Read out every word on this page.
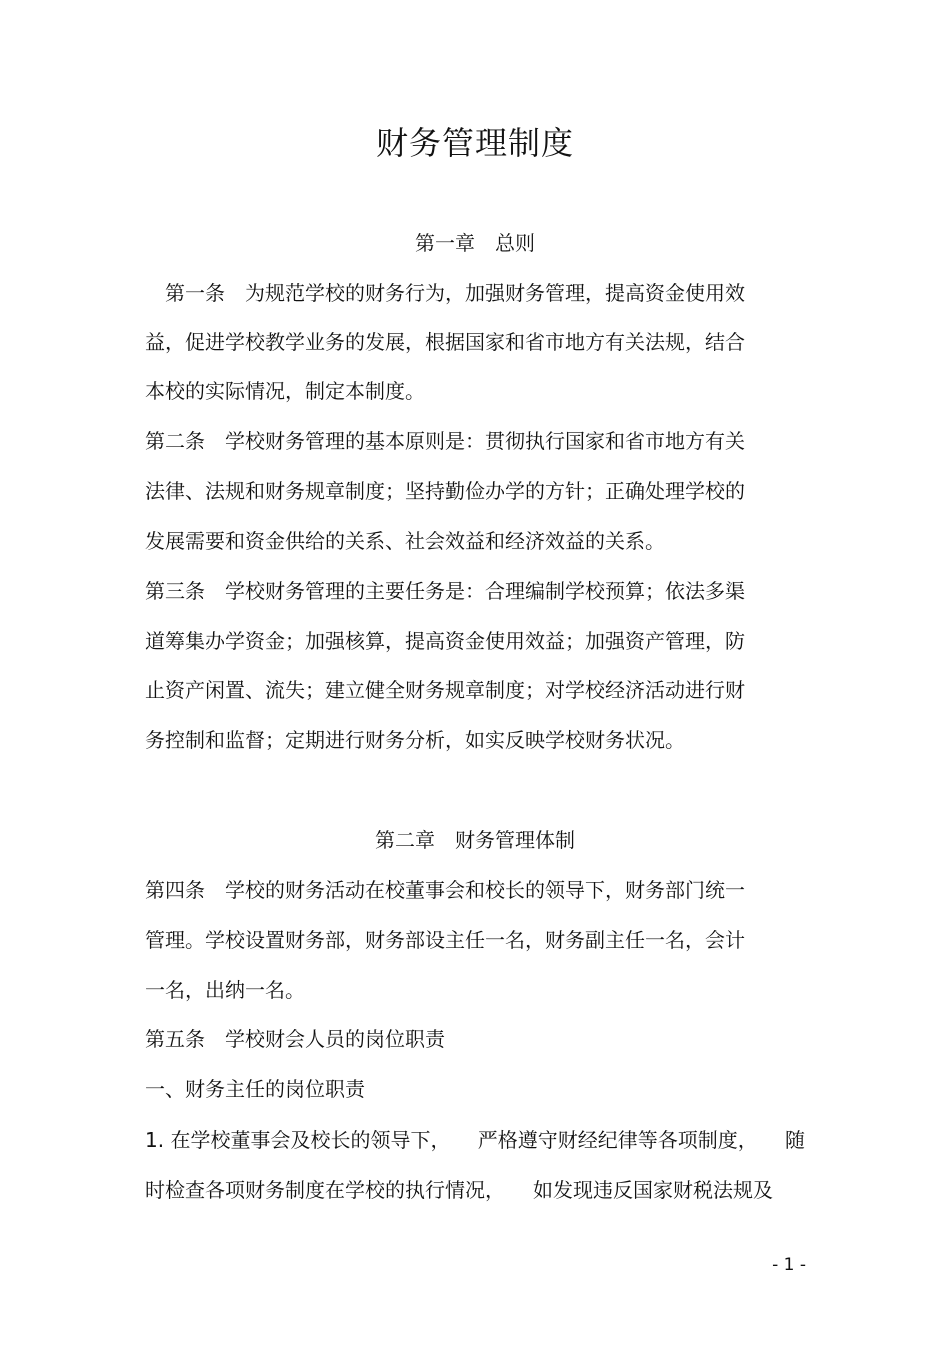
财务管理制度
第一章　总则
第一条　为规范学校的财务行为，加强财务管理，提高资金使用效
益，促进学校教学业务的发展，根据国家和省市地方有关法规，结合
本校的实际情况，制定本制度。
第二条　学校财务管理的基本原则是：贯彻执行国家和省市地方有关
法律、法规和财务规章制度；坚持勤俭办学的方针；正确处理学校的
发展需要和资金供给的关系、社会效益和经济效益的关系。
第三条　学校财务管理的主要任务是：合理编制学校预算；依法多渠
道筹集办学资金；加强核算，提高资金使用效益；加强资产管理，防
止资产闲置、流失；建立健全财务规章制度；对学校经济活动进行财
务控制和监督；定期进行财务分析，如实反映学校财务状况。
第二章　财务管理体制
第四条　学校的财务活动在校董事会和校长的领导下，财务部门统一
管理。学校设置财务部，财务部设主任一名，财务副主任一名，会计
一名，出纳一名。
第五条　学校财会人员的岗位职责
一、财务主任的岗位职责
1. 在学校董事会及校长的领导下， 严格遵守财经纪律等各项制度， 随
时检查各项财务制度在学校的执行情况， 如发现违反国家财税法规及
- 1 -
